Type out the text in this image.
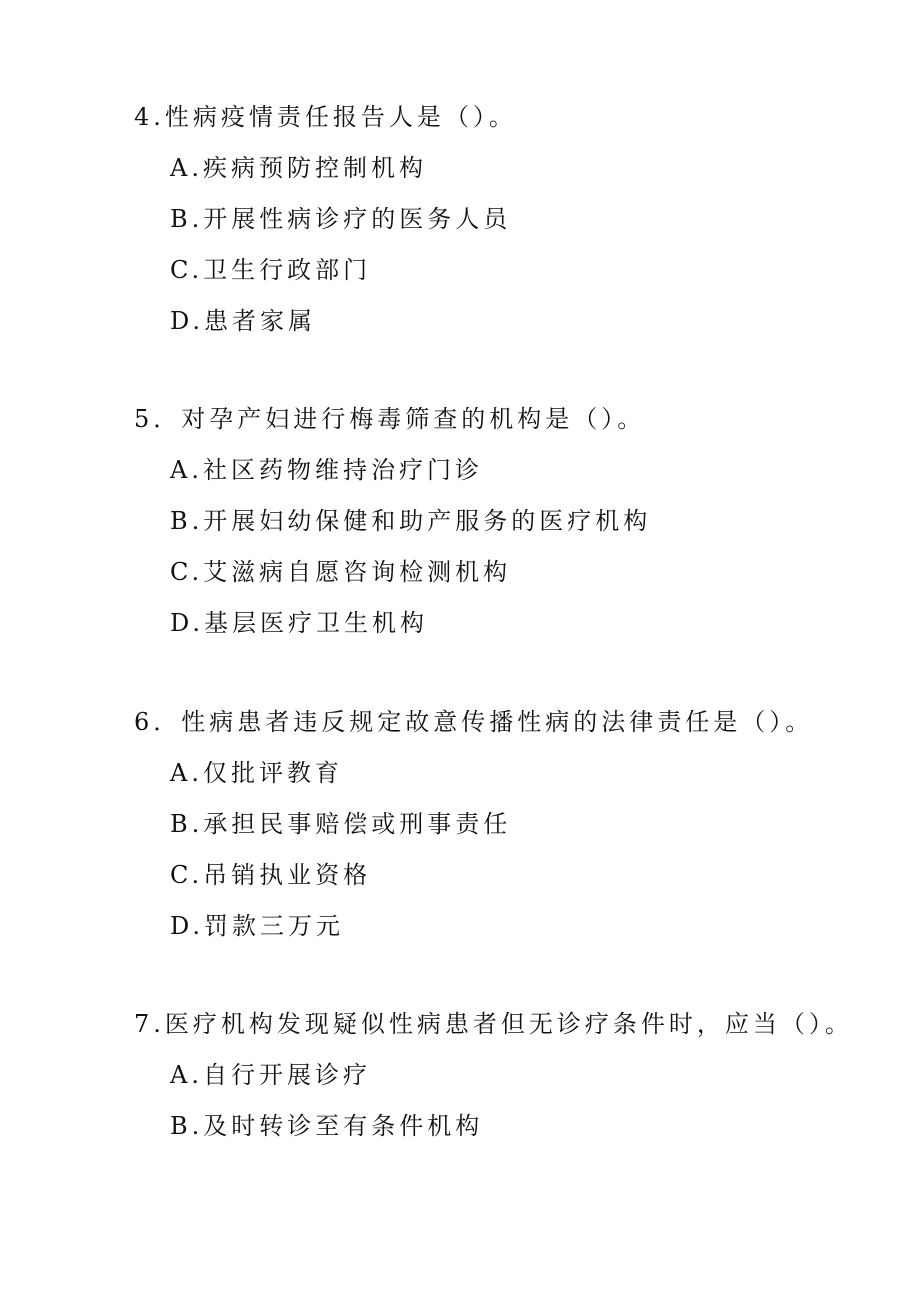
4.性病疫情责任报告人是（）。
A.疾病预防控制机构
B.开展性病诊疗的医务人员
C.卫生行政部门
D.患者家属
5．对孕产妇进行梅毒筛查的机构是（）。
A.社区药物维持治疗门诊
B.开展妇幼保健和助产服务的医疗机构
C.艾滋病自愿咨询检测机构
D.基层医疗卫生机构
6．性病患者违反规定故意传播性病的法律责任是（）。
A.仅批评教育
B.承担民事赔偿或刑事责任
C.吊销执业资格
D.罚款三万元
7.医疗机构发现疑似性病患者但无诊疗条件时，应当（）。
A.自行开展诊疗
B.及时转诊至有条件机构
